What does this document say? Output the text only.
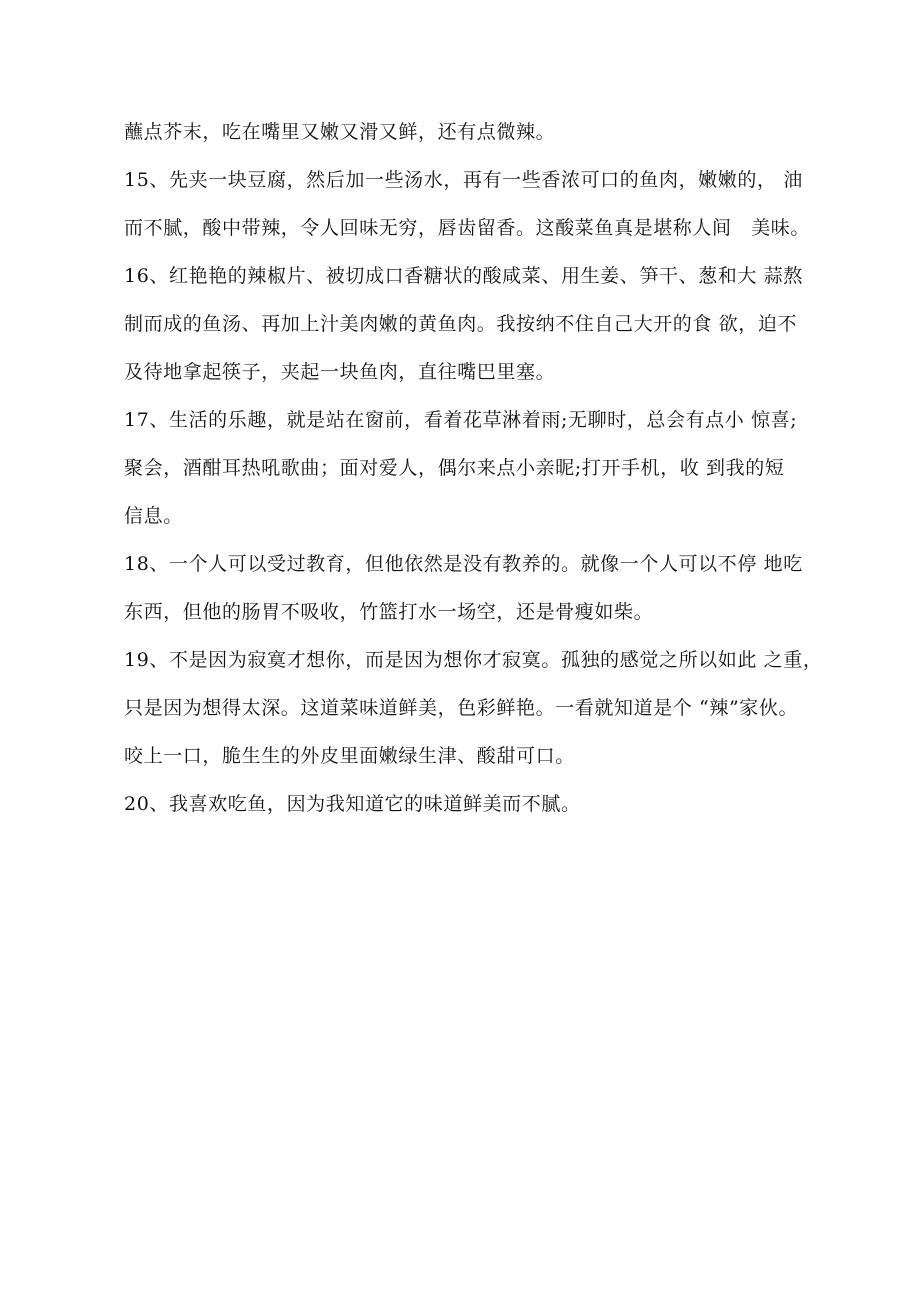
蘸点芥末，吃在嘴里又嫩又滑又鲜，还有点微辣。
15、先夹一块豆腐，然后加一些汤水，再有一些香浓可口的鱼肉，嫩嫩的， 油
而不腻，酸中带辣，令人回味无穷，唇齿留香。这酸菜鱼真是堪称人间　美味。
16、红艳艳的辣椒片、被切成口香糖状的酸咸菜、用生姜、笋干、葱和大 蒜熬
制而成的鱼汤、再加上汁美肉嫩的黄鱼肉。我按纳不住自己大开的食 欲，迫不
及待地拿起筷子，夹起一块鱼肉，直往嘴巴里塞。
17、生活的乐趣，就是站在窗前，看着花草淋着雨;无聊时，总会有点小 惊喜;
聚会，酒酣耳热吼歌曲；面对爱人，偶尔来点小亲昵;打开手机，收 到我的短
信息。
18、一个人可以受过教育，但他依然是没有教养的。就像一个人可以不停 地吃
东西，但他的肠胃不吸收，竹篮打水一场空，还是骨瘦如柴。
19、不是因为寂寞才想你，而是因为想你才寂寞。孤独的感觉之所以如此 之重，
只是因为想得太深。这道菜味道鲜美，色彩鲜艳。一看就知道是个 “辣”家伙。
咬上一口，脆生生的外皮里面嫩绿生津、酸甜可口。
20、我喜欢吃鱼，因为我知道它的味道鲜美而不腻。
